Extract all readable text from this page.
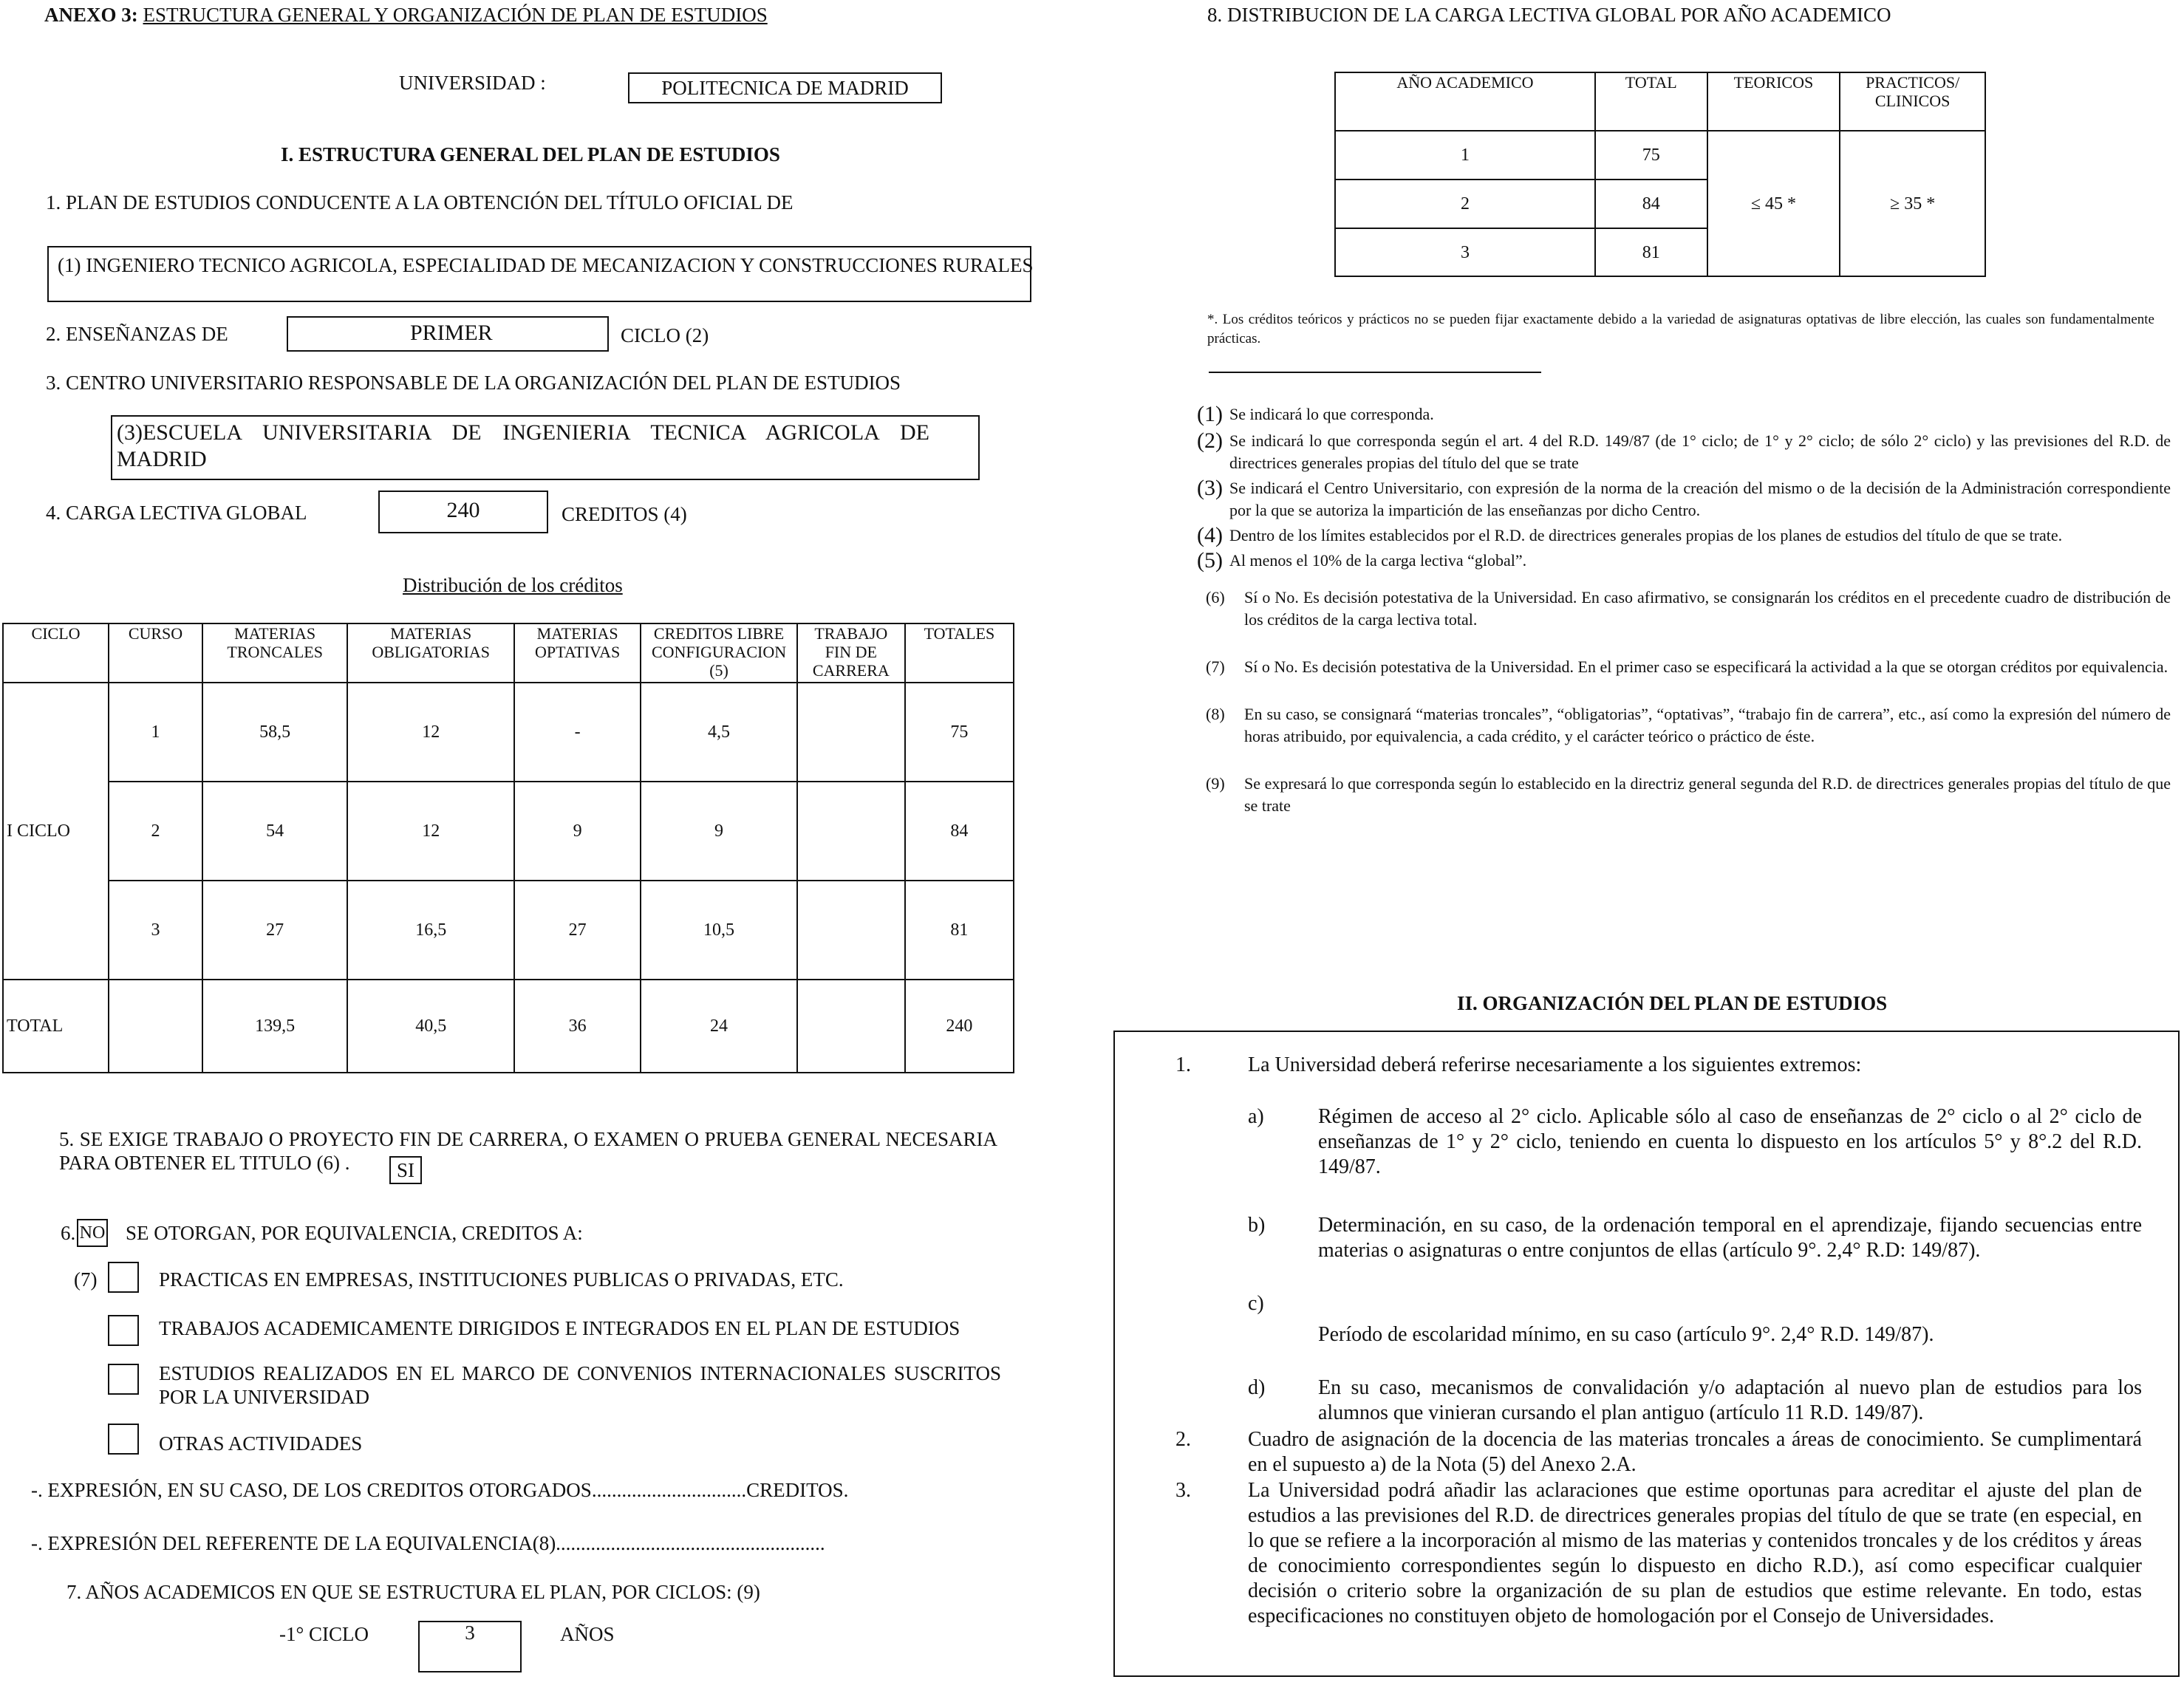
ANEXO 3: ESTRUCTURA GENERAL Y ORGANIZACIÓN DE PLAN DE ESTUDIOS
UNIVERSIDAD :	POLITECNICA DE MADRID
I. ESTRUCTURA GENERAL DEL PLAN DE ESTUDIOS
1. PLAN DE ESTUDIOS CONDUCENTE A LA OBTENCIÓN DEL TÍTULO OFICIAL DE
(1) INGENIERO TECNICO AGRICOLA, ESPECIALIDAD DE MECANIZACION Y CONSTRUCCIONES RURALES
2. ENSEÑANZAS DE	PRIMER	CICLO (2)
3. CENTRO UNIVERSITARIO RESPONSABLE DE LA ORGANIZACIÓN DEL PLAN DE ESTUDIOS
(3)ESCUELA UNIVERSITARIA DE INGENIERIA TECNICA AGRICOLA DE MADRID
4. CARGA LECTIVA GLOBAL	240	CREDITOS (4)
Distribución de los créditos
CICLO	CURSO	MATERIAS TRONCALES	MATERIAS OBLIGATORIAS	MATERIAS OPTATIVAS	CREDITOS LIBRE CONFIGURACION (5)	TRABAJO FIN DE CARRERA	TOTALES
I CICLO	1	58,5	12	-	4,5		75
	2	54	12	9	9		84
	3	27	16,5	27	10,5		81
TOTAL		139,5	40,5	36	24		240
5. SE EXIGE TRABAJO O PROYECTO FIN DE CARRERA, O EXAMEN O PRUEBA GENERAL NECESARIA PARA OBTENER EL TITULO (6) .	SI
6. NO SE OTORGAN, POR EQUIVALENCIA, CREDITOS A:
(7)	PRACTICAS EN EMPRESAS, INSTITUCIONES PUBLICAS O PRIVADAS, ETC.
TRABAJOS ACADEMICAMENTE DIRIGIDOS E INTEGRADOS EN EL PLAN DE ESTUDIOS
ESTUDIOS REALIZADOS EN EL MARCO DE CONVENIOS INTERNACIONALES SUSCRITOS POR LA UNIVERSIDAD
OTRAS ACTIVIDADES
-. EXPRESIÓN, EN SU CASO, DE LOS CREDITOS OTORGADOS...............................CREDITOS.
-. EXPRESIÓN DEL REFERENTE DE LA EQUIVALENCIA(8)......................................................
7. AÑOS ACADEMICOS EN QUE SE ESTRUCTURA EL PLAN, POR CICLOS: (9)
-1° CICLO	3	AÑOS
8. DISTRIBUCION DE LA CARGA LECTIVA GLOBAL POR AÑO ACADEMICO
AÑO ACADEMICO	TOTAL	TEORICOS	PRACTICOS/ CLINICOS
1	75	≤ 45 *	≥ 35 *
2	84		
3	81		
*. Los créditos teóricos y prácticos no se pueden fijar exactamente debido a la variedad de asignaturas optativas de libre elección, las cuales son fundamentalmente prácticas.
(1) Se indicará lo que corresponda.
(2) Se indicará lo que corresponda según el art. 4 del R.D. 149/87 (de 1° ciclo; de 1° y 2° ciclo; de sólo 2° ciclo) y las previsiones del R.D. de directrices generales propias del título del que se trate
(3) Se indicará el Centro Universitario, con expresión de la norma de la creación del mismo o de la decisión de la Administración correspondiente por la que se autoriza la impartición de las enseñanzas por dicho Centro.
(4) Dentro de los límites establecidos por el R.D. de directrices generales propias de los planes de estudios del título de que se trate.
(5) Al menos el 10% de la carga lectiva “global”.
(6)	Sí o No. Es decisión potestativa de la Universidad. En caso afirmativo, se consignarán los créditos en el precedente cuadro de distribución de los créditos de la carga lectiva total.
(7)	Sí o No. Es decisión potestativa de la Universidad. En el primer caso se especificará la actividad a la que se otorgan créditos por equivalencia.
(8)	En su caso, se consignará “materias troncales”, “obligatorias”, “optativas”, “trabajo fin de carrera”, etc., así como la expresión del número de horas atribuido, por equivalencia, a cada crédito, y el carácter teórico o práctico de éste.
(9)	Se expresará lo que corresponda según lo establecido en la directriz general segunda del R.D. de directrices generales propias del título de que se trate
II. ORGANIZACIÓN DEL PLAN DE ESTUDIOS
1.	La Universidad deberá referirse necesariamente a los siguientes extremos:
a)	Régimen de acceso al 2° ciclo. Aplicable sólo al caso de enseñanzas de 2° ciclo o al 2° ciclo de enseñanzas de 1° y 2° ciclo, teniendo en cuenta lo dispuesto en los artículos 5° y 8°.2 del R.D. 149/87.
b)	Determinación, en su caso, de la ordenación temporal en el aprendizaje, fijando secuencias entre materias o asignaturas o entre conjuntos de ellas (artículo 9°. 2,4° R.D: 149/87).
c)
Período de escolaridad mínimo, en su caso (artículo 9°. 2,4° R.D. 149/87).
d)	En su caso, mecanismos de convalidación y/o adaptación al nuevo plan de estudios para los alumnos que vinieran cursando el plan antiguo (artículo 11 R.D. 149/87).
2.	Cuadro de asignación de la docencia de las materias troncales a áreas de conocimiento. Se cumplimentará en el supuesto a) de la Nota (5) del Anexo 2.A.
3.	La Universidad podrá añadir las aclaraciones que estime oportunas para acreditar el ajuste del plan de estudios a las previsiones del R.D. de directrices generales propias del título de que se trate (en especial, en lo que se refiere a la incorporación al mismo de las materias y contenidos troncales y de los créditos y áreas de conocimiento correspondientes según lo dispuesto en dicho R.D.), así como especificar cualquier decisión o criterio sobre la organización de su plan de estudios que estime relevante. En todo, estas especificaciones no constituyen objeto de homologación por el Consejo de Universidades.
